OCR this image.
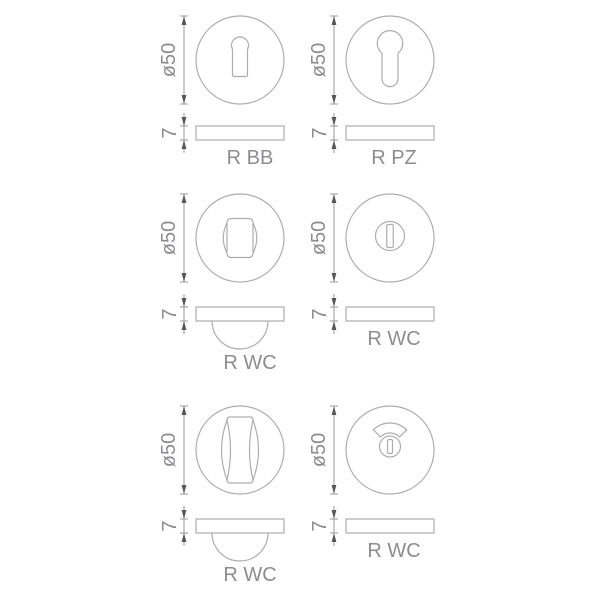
ø50
7
R BB
ø50
7
R PZ
ø50
7
R WC
ø50
7
R WC
ø50
7
R WC
ø50
7
R WC
